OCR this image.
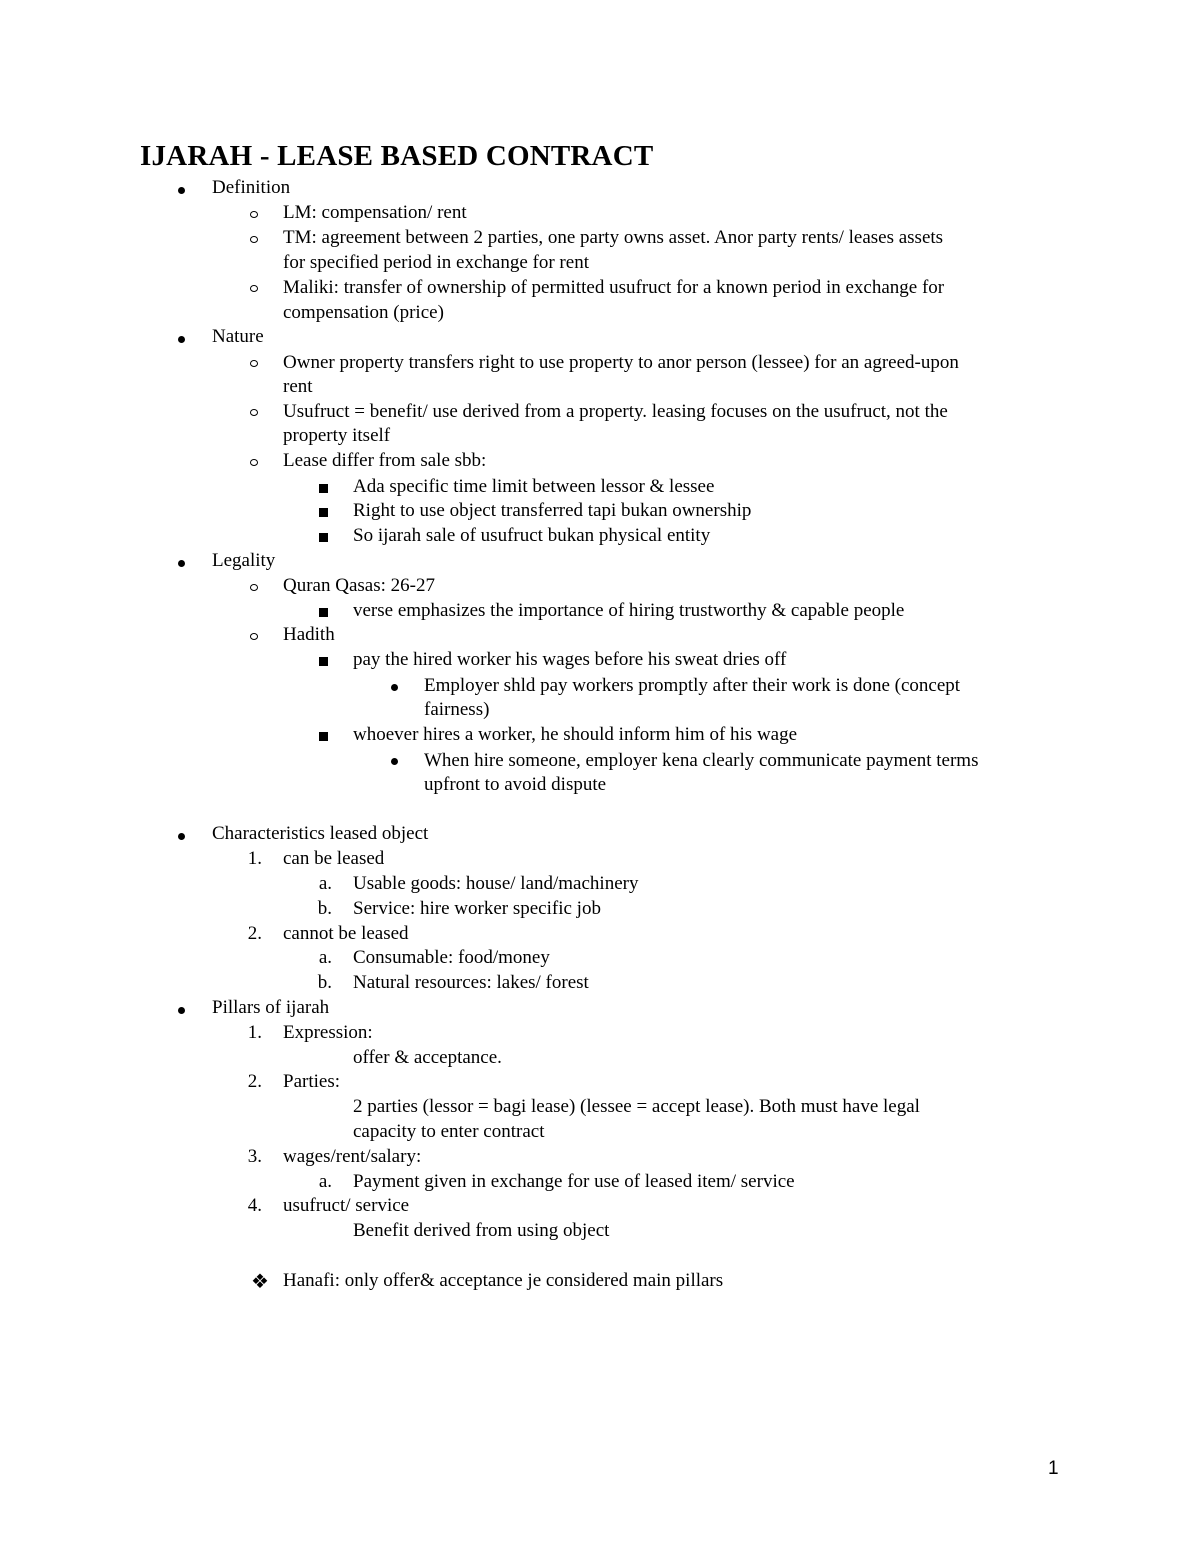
IJARAH - LEASE BASED CONTRACT
Definition
LM: compensation/ rent
TM: agreement between 2 parties, one party owns asset. Anor party rents/ leases assets
for specified period in exchange for rent
Maliki: transfer of ownership of permitted usufruct for a known period in exchange for
compensation (price)
Nature
Owner property transfers right to use property to anor person (lessee) for an agreed-upon
rent
Usufruct = benefit/ use derived from a property. leasing focuses on the usufruct, not the
property itself
Lease differ from sale sbb:
Ada specific time limit between lessor & lessee
Right to use object transferred tapi bukan ownership
So ijarah sale of usufruct bukan physical entity
Legality
Quran Qasas: 26-27
verse emphasizes the importance of hiring trustworthy & capable people
Hadith
pay the hired worker his wages before his sweat dries off
Employer shld pay workers promptly after their work is done (concept
fairness)
whoever hires a worker, he should inform him of his wage
When hire someone, employer kena clearly communicate payment terms
upfront to avoid dispute
Characteristics leased object
1. can be leased
a. Usable goods: house/ land/machinery
b. Service: hire worker specific job
2. cannot be leased
a. Consumable: food/money
b. Natural resources: lakes/ forest
Pillars of ijarah
1. Expression:
offer & acceptance.
2. Parties:
2 parties (lessor = bagi lease) (lessee = accept lease). Both must have legal
capacity to enter contract
3. wages/rent/salary:
a. Payment given in exchange for use of leased item/ service
4. usufruct/ service
Benefit derived from using object
❖ Hanafi: only offer& acceptance je considered main pillars
1
